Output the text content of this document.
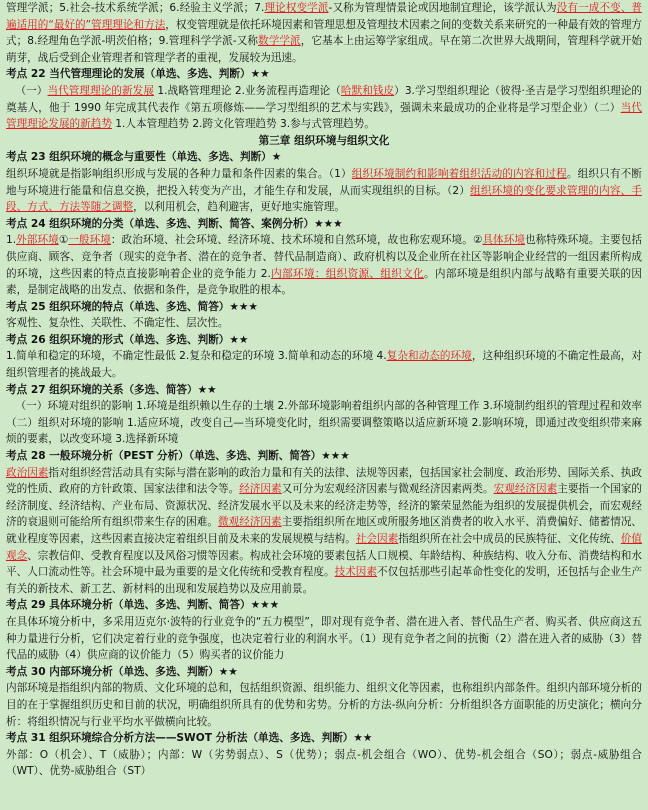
管理学派；5.社会-技术系统学派；6.经验主义学派；7.理论权变学派-又称为管理情景论或因地制宜理论，该学派认为没有一成不变、普遍适用的“最好的”管理理论和方法，权变管理就是依托环境因素和管理思想及管理技术因素之间的变数关系来研究的一种最有效的管理方式；8.经理角色学派-明茨伯格；9.管理科学学派-又称数学学派，它基本上由运筹学家组成。早在第二次世界大战期间，管理科学就开始萌芽，战后受到企业管理者和管理学者的重视，发展较为迅速。

考点 22 当代管理理论的发展（单选、多选、判断）★★

（一）当代管理理论的新发展 1.战略管理理论 2.业务流程再造理论（哈默和钱皮）3.学习型组织理论（彼得·圣吉是学习型组织理论的奠基人，他于 1990 年完成其代表作《第五项修炼——学习型组织的艺术与实践》，强调未来最成功的企业将是学习型企业）（二）当代管理理论发展的新趋势 1.人本管理趋势 2.跨文化管理趋势 3.参与式管理趋势。

第三章 组织环境与组织文化

考点 23 组织环境的概念与重要性（单选、多选、判断）★

组织环境就是指影响组织形成与发展的各种力量和条件因素的集合。（1）组织环境制约和影响着组织活动的内容和过程。组织只有不断地与环境进行能量和信息交换，把投入转变为产出，才能生存和发展，从而实现组织的目标。（2）组织环境的变化要求管理的内容、手段、方式、方法等随之调整，以利用机会，趋利避害，更好地实施管理。

考点 24 组织环境的分类（单选、多选、判断、简答、案例分析）★★★

1.外部环境①一般环境：政治环境、社会环境、经济环境、技术环境和自然环境，故也称宏观环境。②具体环境也称特殊环境。主要包括供应商、顾客、竞争者（现实的竞争者、潜在的竞争者、替代品制造商）、政府机构以及企业所在社区等影响企业经营的一组因素所构成的环境，这些因素的特点直接影响着企业的竞争能力 2.内部环境：组织资源、组织文化。内部环境是组织内部与战略有重要关联的因素，是制定战略的出发点、依据和条件，是竞争取胜的根本。

考点 25 组织环境的特点（单选、多选、简答）★★★

客观性、复杂性、关联性、不确定性、层次性。

考点 26 组织环境的形式（单选、多选、判断）★★

1.简单和稳定的环境，不确定性最低 2.复杂和稳定的环境 3.简单和动态的环境 4.复杂和动态的环境，这种组织环境的不确定性最高，对组织管理者的挑战最大。

考点 27 组织环境的关系（多选、简答）★★

（一）环境对组织的影响 1.环境是组织赖以生存的土壤 2.外部环境影响着组织内部的各种管理工作 3.环境制约组织的管理过程和效率（二）组织对环境的影响 1.适应环境，改变自己—当环境变化时，组织需要调整策略以适应新环境 2.影响环境，即通过改变组织带来麻烦的要素，以改变环境 3.选择新环境

考点 28 一般环境分析（PEST 分析）（单选、多选、判断、简答）★★★

政治因素指对组织经营活动具有实际与潜在影响的政治力量和有关的法律、法规等因素，包括国家社会制度、政治形势、国际关系、执政党的性质、政府的方针政策、国家法律和法令等。经济因素又可分为宏观经济因素与微观经济因素两类。宏观经济因素主要指一个国家的经济制度、经济结构、产业布局、资源状况、经济发展水平以及未来的经济走势等，经济的繁荣显然能为组织的发展提供机会，而宏观经济的衰退则可能给所有组织带来生存的困难。微观经济因素主要指组织所在地区或所服务地区消费者的收入水平、消费偏好、储蓄情况、就业程度等因素，这些因素直接决定着组织目前及未来的发展规模与结构。社会因素指组织所在社会中成员的民族特征、文化传统、价值观念、宗教信仰、受教育程度以及风俗习惯等因素。构成社会环境的要素包括人口规模、年龄结构、种族结构、收入分布、消费结构和水平、人口流动性等。社会环境中最为重要的是文化传统和受教育程度。技术因素不仅包括那些引起革命性变化的发明，还包括与企业生产有关的新技术、新工艺、新材料的出现和发展趋势以及应用前景。

考点 29 具体环境分析（单选、多选、判断、简答）★★★

在具体环境分析中，多采用迈克尔·波特的行业竞争的“五力模型”，即对现有竞争者、潜在进入者、替代品生产者、购买者、供应商这五种力量进行分析，它们决定着行业的竞争强度，也决定着行业的利润水平。（1）现有竞争者之间的抗衡（2）潜在进入者的威胁（3）替代品的威胁（4）供应商的议价能力（5）购买者的议价能力

考点 30 内部环境分析（单选、多选、判断）★★

内部环境是指组织内部的物质、文化环境的总和，包括组织资源、组织能力、组织文化等因素，也称组织内部条件。组织内部环境分析的目的在于掌握组织历史和目前的状况，明确组织所具有的优势和劣势。分析的方法-纵向分析：分析组织各方面职能的历史演化；横向分析：将组织情况与行业平均水平做横向比较。

考点 31 组织环境综合分析方法——SWOT 分析法（单选、多选、判断）★★

外部：O（机会）、T（威胁）；内部：W（劣势弱点）、S（优势）；弱点-机会组合（WO）、优势-机会组合（SO）；弱点-威胁组合（WT）、优势-威胁组合（ST）
